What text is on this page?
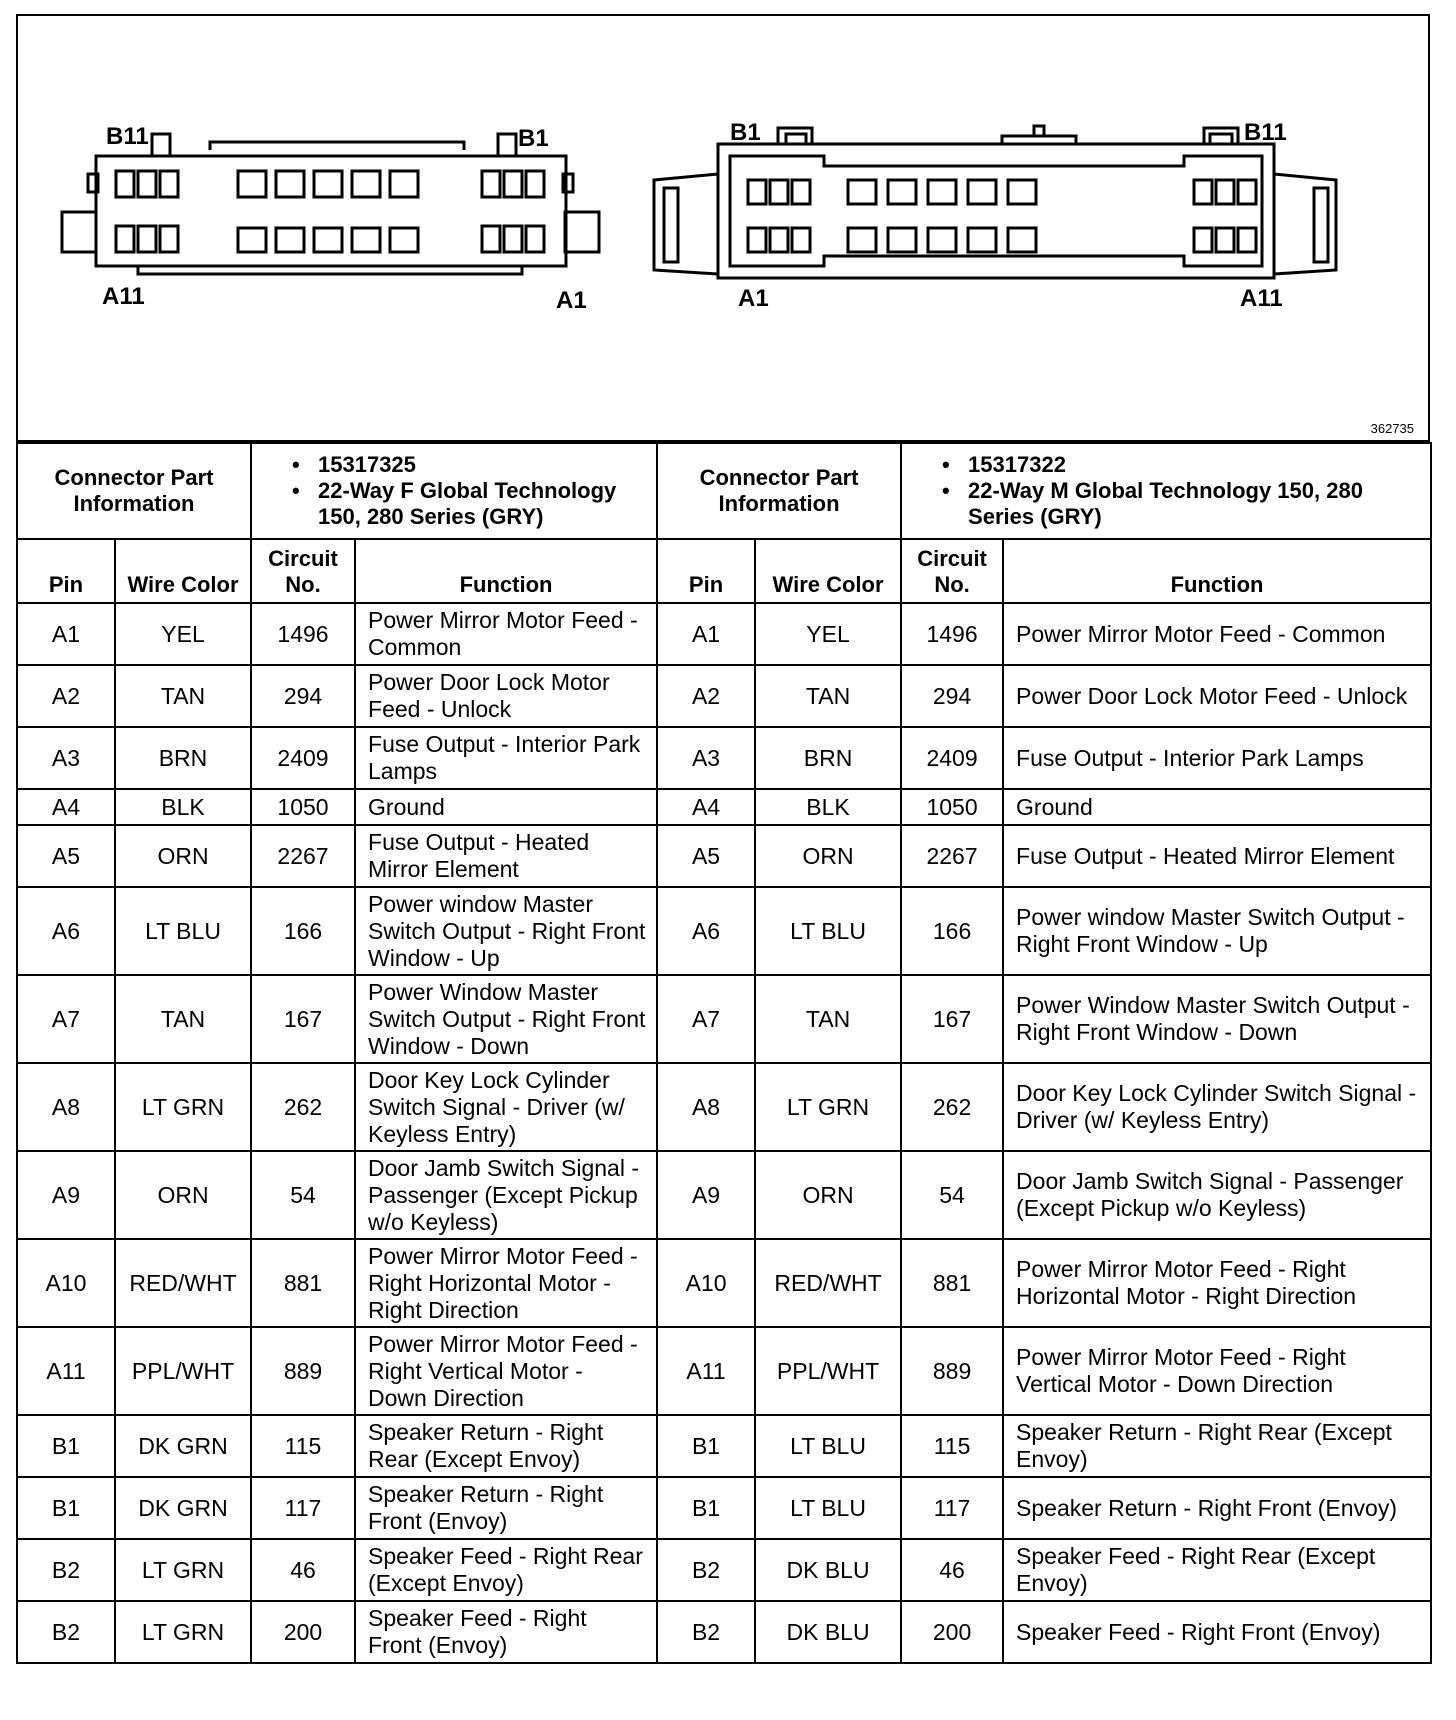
B11	B1
A11	A1
B1	B11
A1	A11
362735
Connector Part Information		• 15317325
• 22-Way F Global Technology 150, 280 Series (GRY)		Connector Part Information		• 15317322
• 22-Way M Global Technology 150, 280 Series (GRY)

Pin	Wire Color	Circuit No.	Function	Pin	Wire Color	Circuit No.	Function
A1	YEL	1496	Power Mirror Motor Feed - Common	A1	YEL	1496	Power Mirror Motor Feed - Common
A2	TAN	294	Power Door Lock Motor Feed - Unlock	A2	TAN	294	Power Door Lock Motor Feed - Unlock
A3	BRN	2409	Fuse Output - Interior Park Lamps	A3	BRN	2409	Fuse Output - Interior Park Lamps
A4	BLK	1050	Ground	A4	BLK	1050	Ground
A5	ORN	2267	Fuse Output - Heated Mirror Element	A5	ORN	2267	Fuse Output - Heated Mirror Element
A6	LT BLU	166	Power window Master Switch Output - Right Front Window - Up	A6	LT BLU	166	Power window Master Switch Output - Right Front Window - Up
A7	TAN	167	Power Window Master Switch Output - Right Front Window - Down	A7	TAN	167	Power Window Master Switch Output - Right Front Window - Down
A8	LT GRN	262	Door Key Lock Cylinder Switch Signal - Driver (w/ Keyless Entry)	A8	LT GRN	262	Door Key Lock Cylinder Switch Signal - Driver (w/ Keyless Entry)
A9	ORN	54	Door Jamb Switch Signal - Passenger (Except Pickup w/o Keyless)	A9	ORN	54	Door Jamb Switch Signal - Passenger (Except Pickup w/o Keyless)
A10	RED/WHT	881	Power Mirror Motor Feed - Right Horizontal Motor - Right Direction	A10	RED/WHT	881	Power Mirror Motor Feed - Right Horizontal Motor - Right Direction
A11	PPL/WHT	889	Power Mirror Motor Feed - Right Vertical Motor - Down Direction	A11	PPL/WHT	889	Power Mirror Motor Feed - Right Vertical Motor - Down Direction
B1	DK GRN	115	Speaker Return - Right Rear (Except Envoy)	B1	LT BLU	115	Speaker Return - Right Rear (Except Envoy)
B1	DK GRN	117	Speaker Return - Right Front (Envoy)	B1	LT BLU	117	Speaker Return - Right Front (Envoy)
B2	LT GRN	46	Speaker Feed - Right Rear (Except Envoy)	B2	DK BLU	46	Speaker Feed - Right Rear (Except Envoy)
B2	LT GRN	200	Speaker Feed - Right Front (Envoy)	B2	DK BLU	200	Speaker Feed - Right Front (Envoy)
